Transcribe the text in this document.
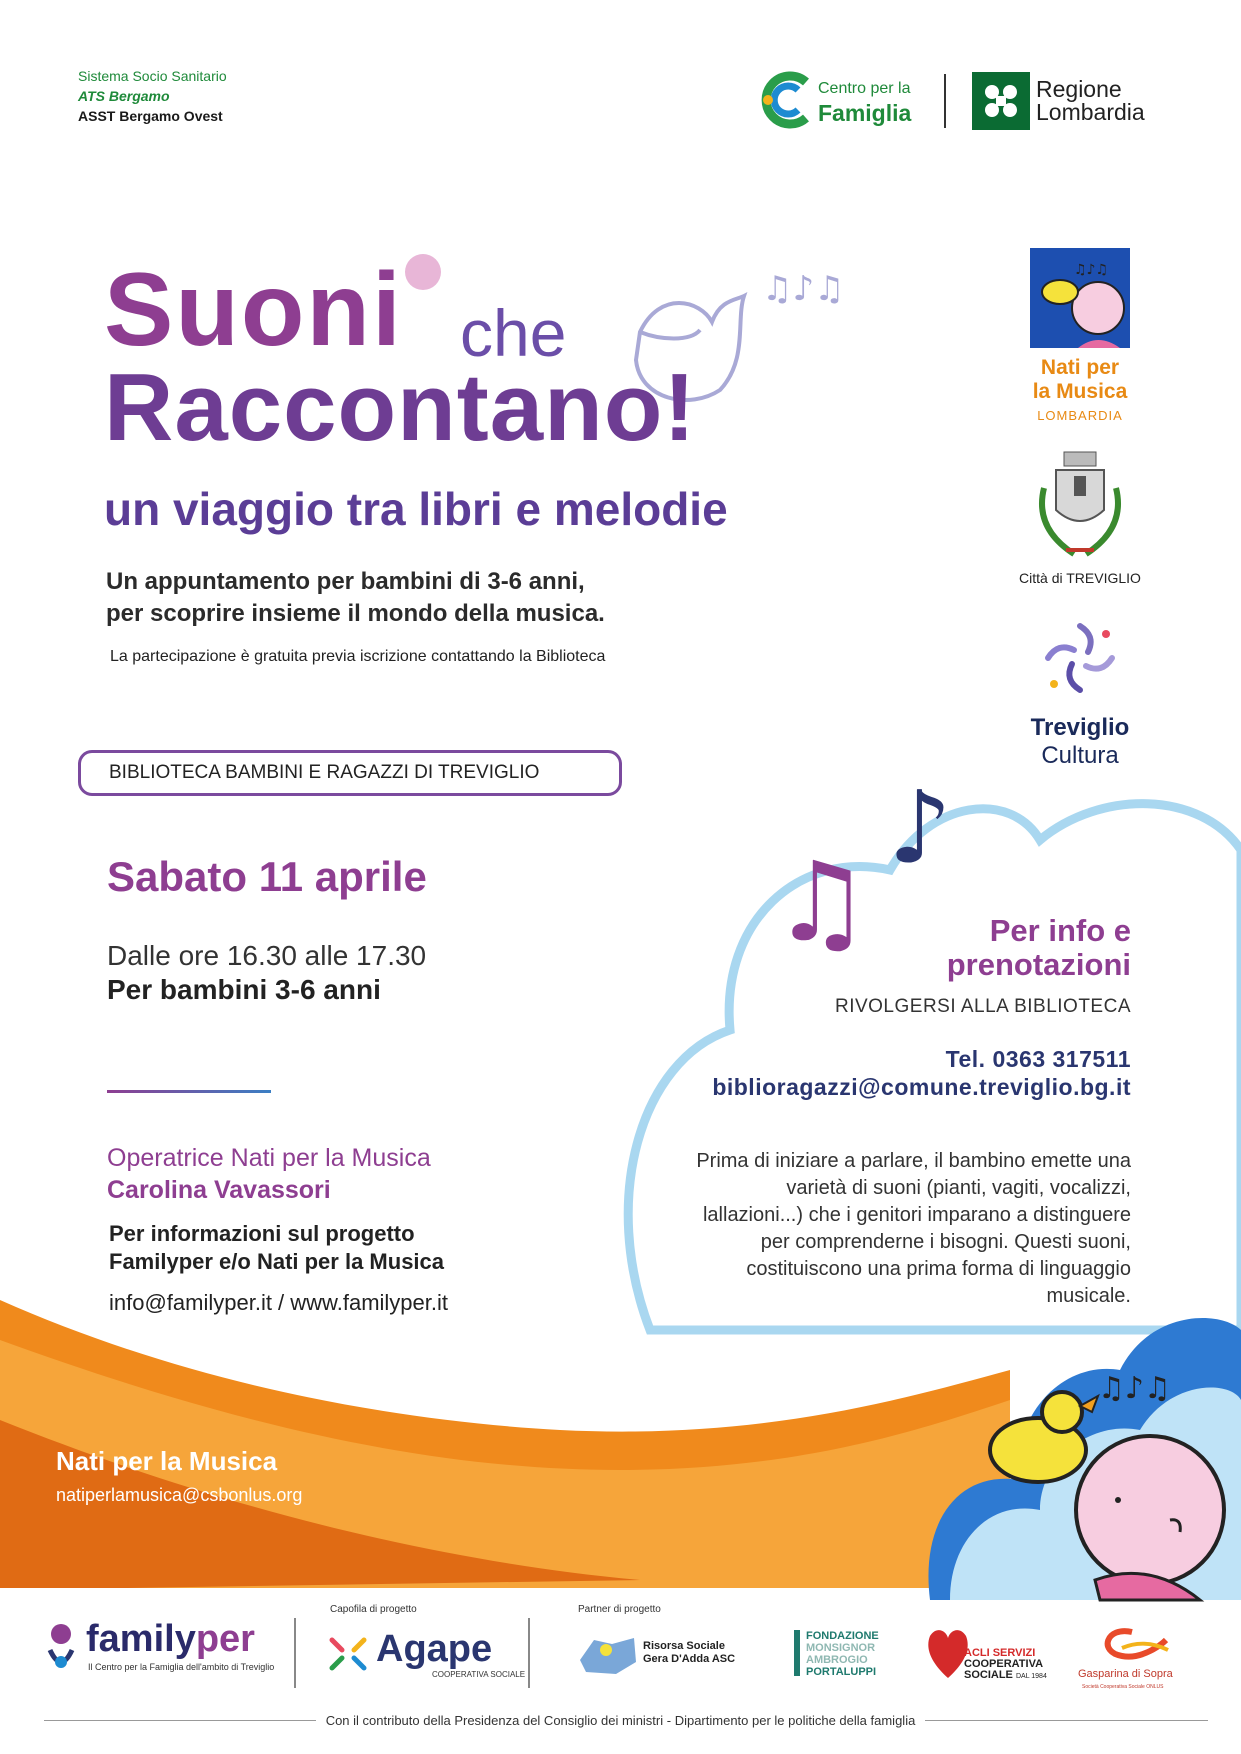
♫♪♫
♫
♪
♫♪♫
Sistema Socio Sanitario
ATS Bergamo
ASST Bergamo Ovest
Centro per la
Famiglia
Regione
Lombardia
Suoni che
Raccontano!
un viaggio tra libri e melodie
Un appuntamento per bambini di 3-6 anni,
per scoprire insieme il mondo della musica.
La partecipazione è gratuita previa iscrizione contattando la Biblioteca
BIBLIOTECA BAMBINI E RAGAZZI DI TREVIGLIO
Sabato 11 aprile
Dalle ore 16.30 alle 17.30
Per bambini 3-6 anni
Operatrice Nati per la Musica
Carolina Vavassori
Per informazioni sul progetto
Familyper e/o Nati per la Musica
info@familyper.it / www.familyper.it
Per info e
prenotazioni
RIVOLGERSI ALLA BIBLIOTECA
Tel. 0363 317511
biblioragazzi@comune.treviglio.bg.it
Prima di iniziare a parlare, il bambino emette una varietà di suoni (pianti, vagiti, vocalizzi, lallazioni...) che i genitori imparano a distinguere per comprenderne i bisogni. Questi suoni, costituiscono una prima forma di linguaggio musicale.
♫♪♫
Nati per
la Musica
LOMBARDIA
Città di TREVIGLIO
Treviglio
Cultura
Nati per la Musica
natiperlamusica@csbonlus.org
familyper
Il Centro per la Famiglia dell'ambito di Treviglio
Capofila di progetto
Agape
COOPERATIVA SOCIALE
Partner di progetto
Risorsa Sociale
Gera D'Adda ASC
FONDAZIONE
MONSIGNOR
AMBROGIO
PORTALUPPI
ACLI SERVIZI
COOPERATIVA
SOCIALE DAL 1984	Gasparina di Sopra
Società Cooperativa Sociale ONLUS
Con il contributo della Presidenza del Consiglio dei ministri - Dipartimento per le politiche della famiglia
